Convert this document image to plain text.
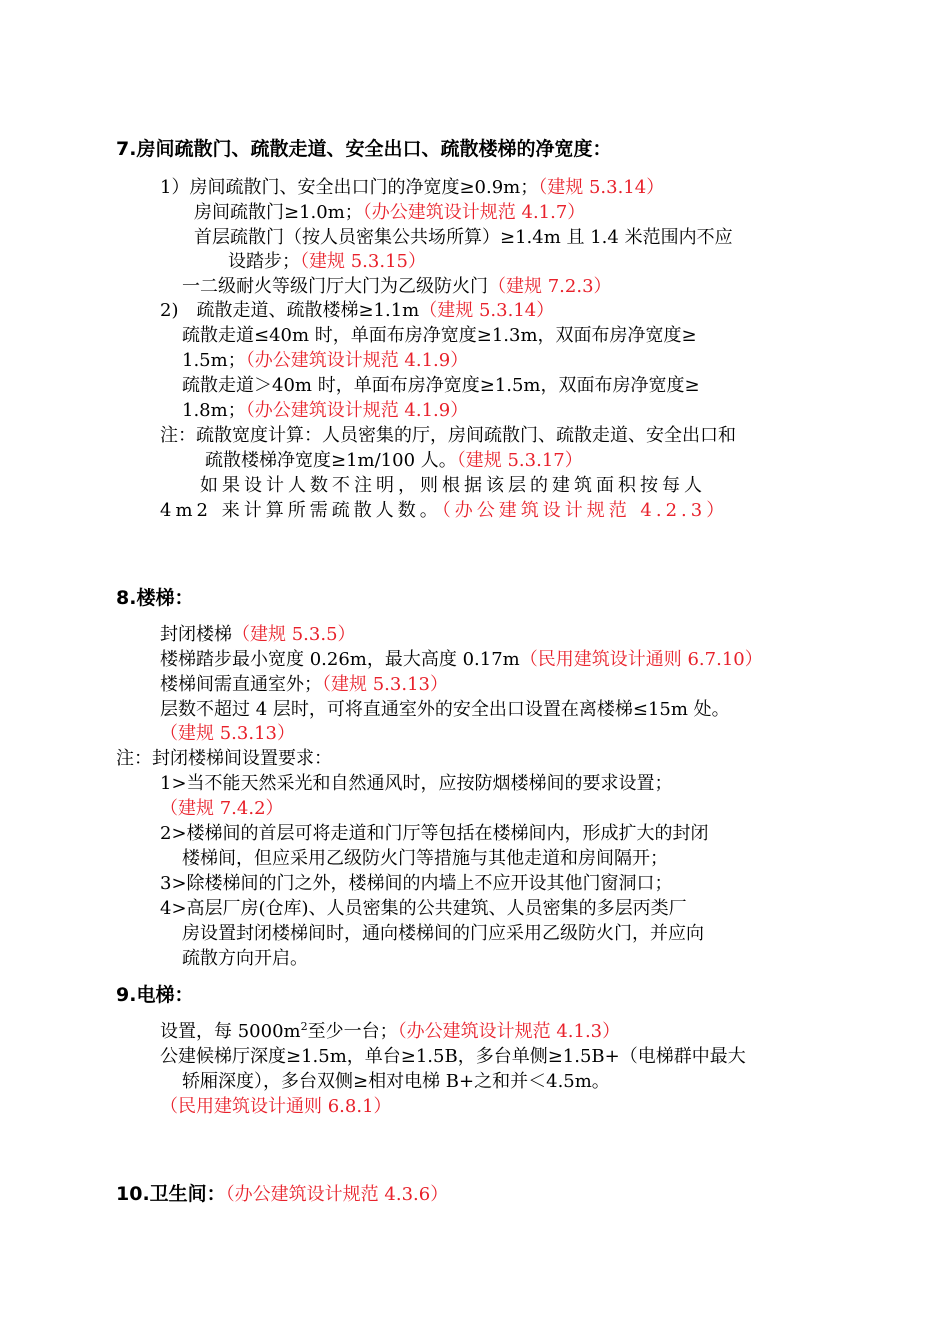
7.房间疏散门、疏散走道、安全出口、疏散楼梯的净宽度：
1）房间疏散门、安全出口门的净宽度≥0.9m；（建规 5.3.14）
房间疏散门≥1.0m；（办公建筑设计规范 4.1.7）
首层疏散门（按人员密集公共场所算）≥1.4m 且 1.4 米范围内不应
设踏步；（建规 5.3.15）
一二级耐火等级门厅大门为乙级防火门（建规 7.2.3）
2)　疏散走道、疏散楼梯≥1.1m（建规 5.3.14）
疏散走道≤40m 时，单面布房净宽度≥1.3m，双面布房净宽度≥
1.5m；（办公建筑设计规范 4.1.9）
疏散走道＞40m 时，单面布房净宽度≥1.5m，双面布房净宽度≥
1.8m；（办公建筑设计规范 4.1.9）
注：疏散宽度计算：人员密集的厅，房间疏散门、疏散走道、安全出口和
疏散楼梯净宽度≥1m/100 人。（建规 5.3.17）
如果设计人数不注明，则根据该层的建筑面积按每人
4m2 来计算所需疏散人数。（办公建筑设计规范 4.2.3）
8.楼梯：
封闭楼梯（建规 5.3.5）
楼梯踏步最小宽度 0.26m，最大高度 0.17m（民用建筑设计通则 6.7.10）
楼梯间需直通室外；（建规 5.3.13）
层数不超过 4 层时，可将直通室外的安全出口设置在离楼梯≤15m 处。
（建规 5.3.13）
注：封闭楼梯间设置要求：
1>当不能天然采光和自然通风时，应按防烟楼梯间的要求设置；
（建规 7.4.2）
2>楼梯间的首层可将走道和门厅等包括在楼梯间内，形成扩大的封闭
楼梯间，但应采用乙级防火门等措施与其他走道和房间隔开；
3>除楼梯间的门之外，楼梯间的内墙上不应开设其他门窗洞口；
4>高层厂房(仓库)、人员密集的公共建筑、人员密集的多层丙类厂
房设置封闭楼梯间时，通向楼梯间的门应采用乙级防火门，并应向
疏散方向开启。
9.电梯：
设置，每 $5000m^2$至少一台；（办公建筑设计规范 4.1.3）
公建候梯厅深度≥1.5m，单台≥1.5B，多台单侧≥1.5B+（电梯群中最大
轿厢深度），多台双侧≥相对电梯 B+之和并＜4.5m。
（民用建筑设计通则 6.8.1）
10.卫生间：（办公建筑设计规范 4.3.6）
